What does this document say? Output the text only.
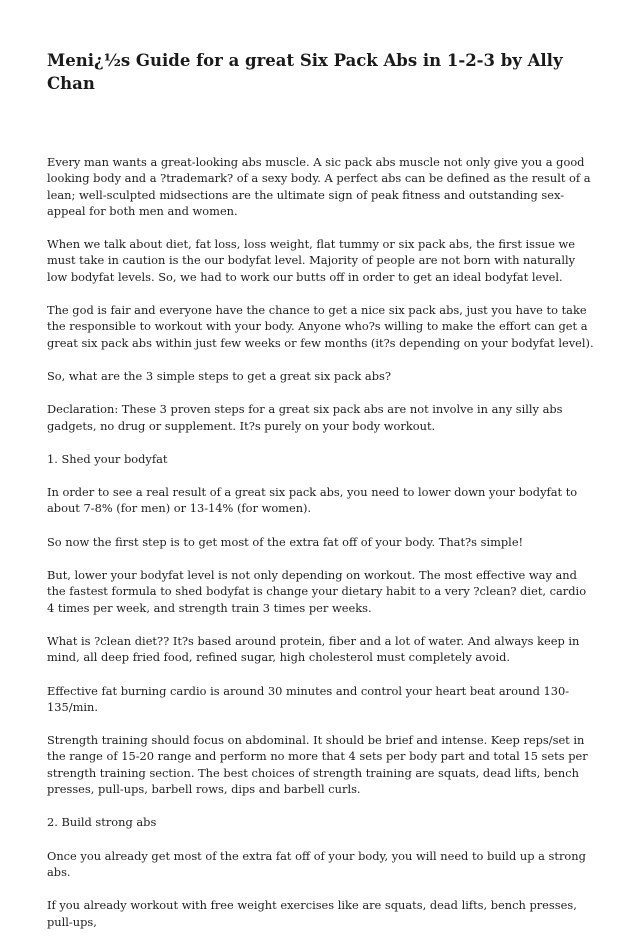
Meni¿½s Guide for a great Six Pack Abs in 1-2-3 by Ally Chan

Every man wants a great-looking abs muscle. A sic pack abs muscle not only give you a good looking body and a ?trademark? of a sexy body. A perfect abs can be defined as the result of a lean; well-sculpted midsections are the ultimate sign of peak fitness and outstanding sex-appeal for both men and women.

When we talk about diet, fat loss, loss weight, flat tummy or six pack abs, the first issue we must take in caution is the our bodyfat level. Majority of people are not born with naturally low bodyfat levels. So, we had to work our butts off in order to get an ideal bodyfat level.

The god is fair and everyone have the chance to get a nice six pack abs, just you have to take the responsible to workout with your body. Anyone who?s willing to make the effort can get a great six pack abs within just few weeks or few months (it?s depending on your bodyfat level).

So, what are the 3 simple steps to get a great six pack abs?

Declaration: These 3 proven steps for a great six pack abs are not involve in any silly abs gadgets, no drug or supplement. It?s purely on your body workout.

1. Shed your bodyfat

In order to see a real result of a great six pack abs, you need to lower down your bodyfat to about 7-8% (for men) or 13-14% (for women).

So now the first step is to get most of the extra fat off of your body. That?s simple!

But, lower your bodyfat level is not only depending on workout. The most effective way and the fastest formula to shed bodyfat is change your dietary habit to a very ?clean? diet, cardio 4 times per week, and strength train 3 times per weeks.

What is ?clean diet?? It?s based around protein, fiber and a lot of water. And always keep in mind, all deep fried food, refined sugar, high cholesterol must completely avoid.

Effective fat burning cardio is around 30 minutes and control your heart beat around 130-135/min.

Strength training should focus on abdominal. It should be brief and intense. Keep reps/set in the range of 15-20 range and perform no more that 4 sets per body part and total 15 sets per strength training section. The best choices of strength training are squats, dead lifts, bench presses, pull-ups, barbell rows, dips and barbell curls.

2. Build strong abs

Once you already get most of the extra fat off of your body, you will need to build up a strong abs.

If you already workout with free weight exercises like are squats, dead lifts, bench presses, pull-ups,
